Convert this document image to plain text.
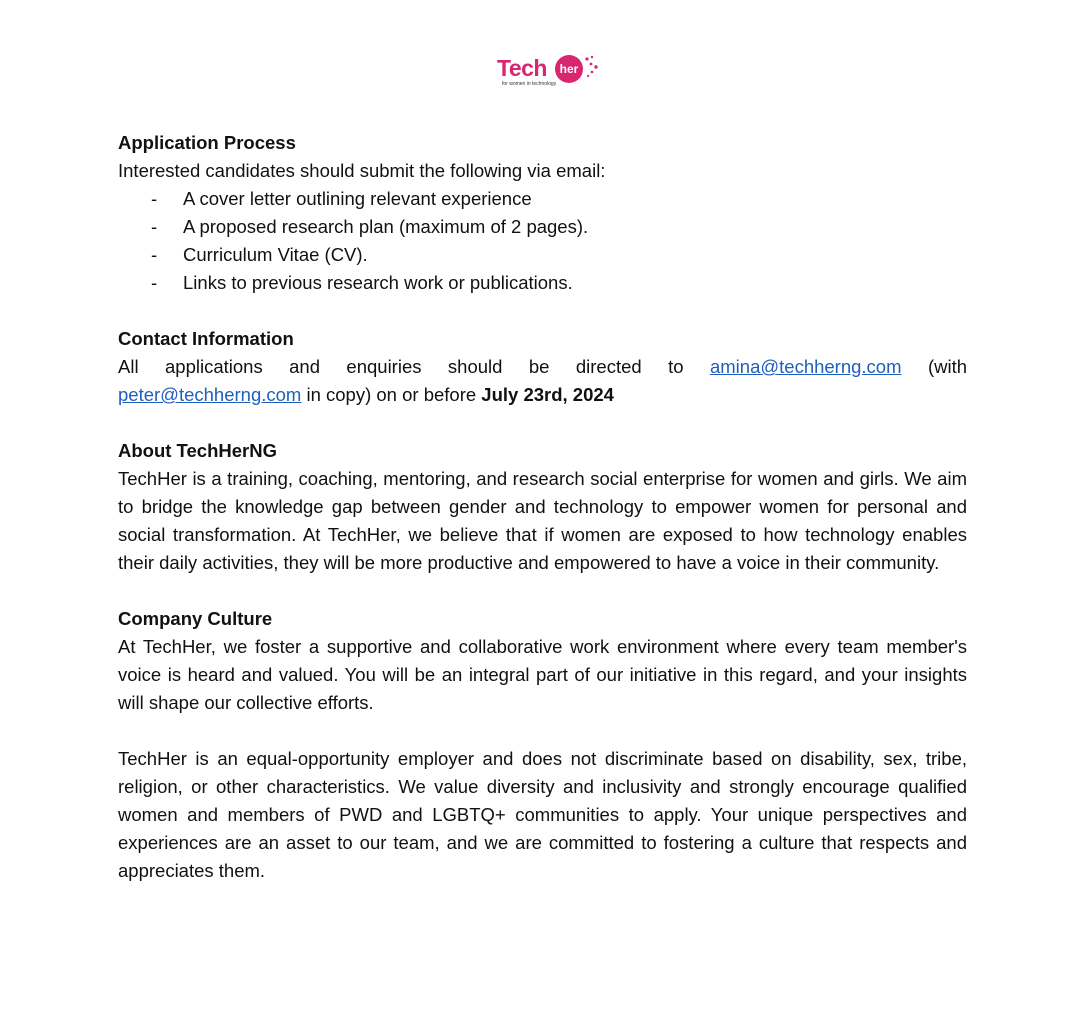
Tech	her
for women in technology

Application Process

Interested candidates should submit the following via email:

- A cover letter outlining relevant experience
- A proposed research plan (maximum of 2 pages).
- Curriculum Vitae (CV).
- Links to previous research work or publications.

Contact Information

All applications and enquiries should be directed to amina@techherng.com (with

peter@techherng.com in copy) on or before July 23rd, 2024

About TechHerNG

TechHer is a training, coaching, mentoring, and research social enterprise for women and girls. We aim to bridge the knowledge gap between gender and technology to empower women for personal and social transformation. At TechHer, we believe that if women are exposed to how technology enables their daily activities, they will be more productive and empowered to have a voice in their community.

Company Culture

At TechHer, we foster a supportive and collaborative work environment where every team member's voice is heard and valued. You will be an integral part of our initiative in this regard, and your insights will shape our collective efforts.

TechHer is an equal-opportunity employer and does not discriminate based on disability, sex, tribe, religion, or other characteristics. We value diversity and inclusivity and strongly encourage qualified women and members of PWD and LGBTQ+ communities to apply. Your unique perspectives and experiences are an asset to our team, and we are committed to fostering a culture that respects and appreciates them.
